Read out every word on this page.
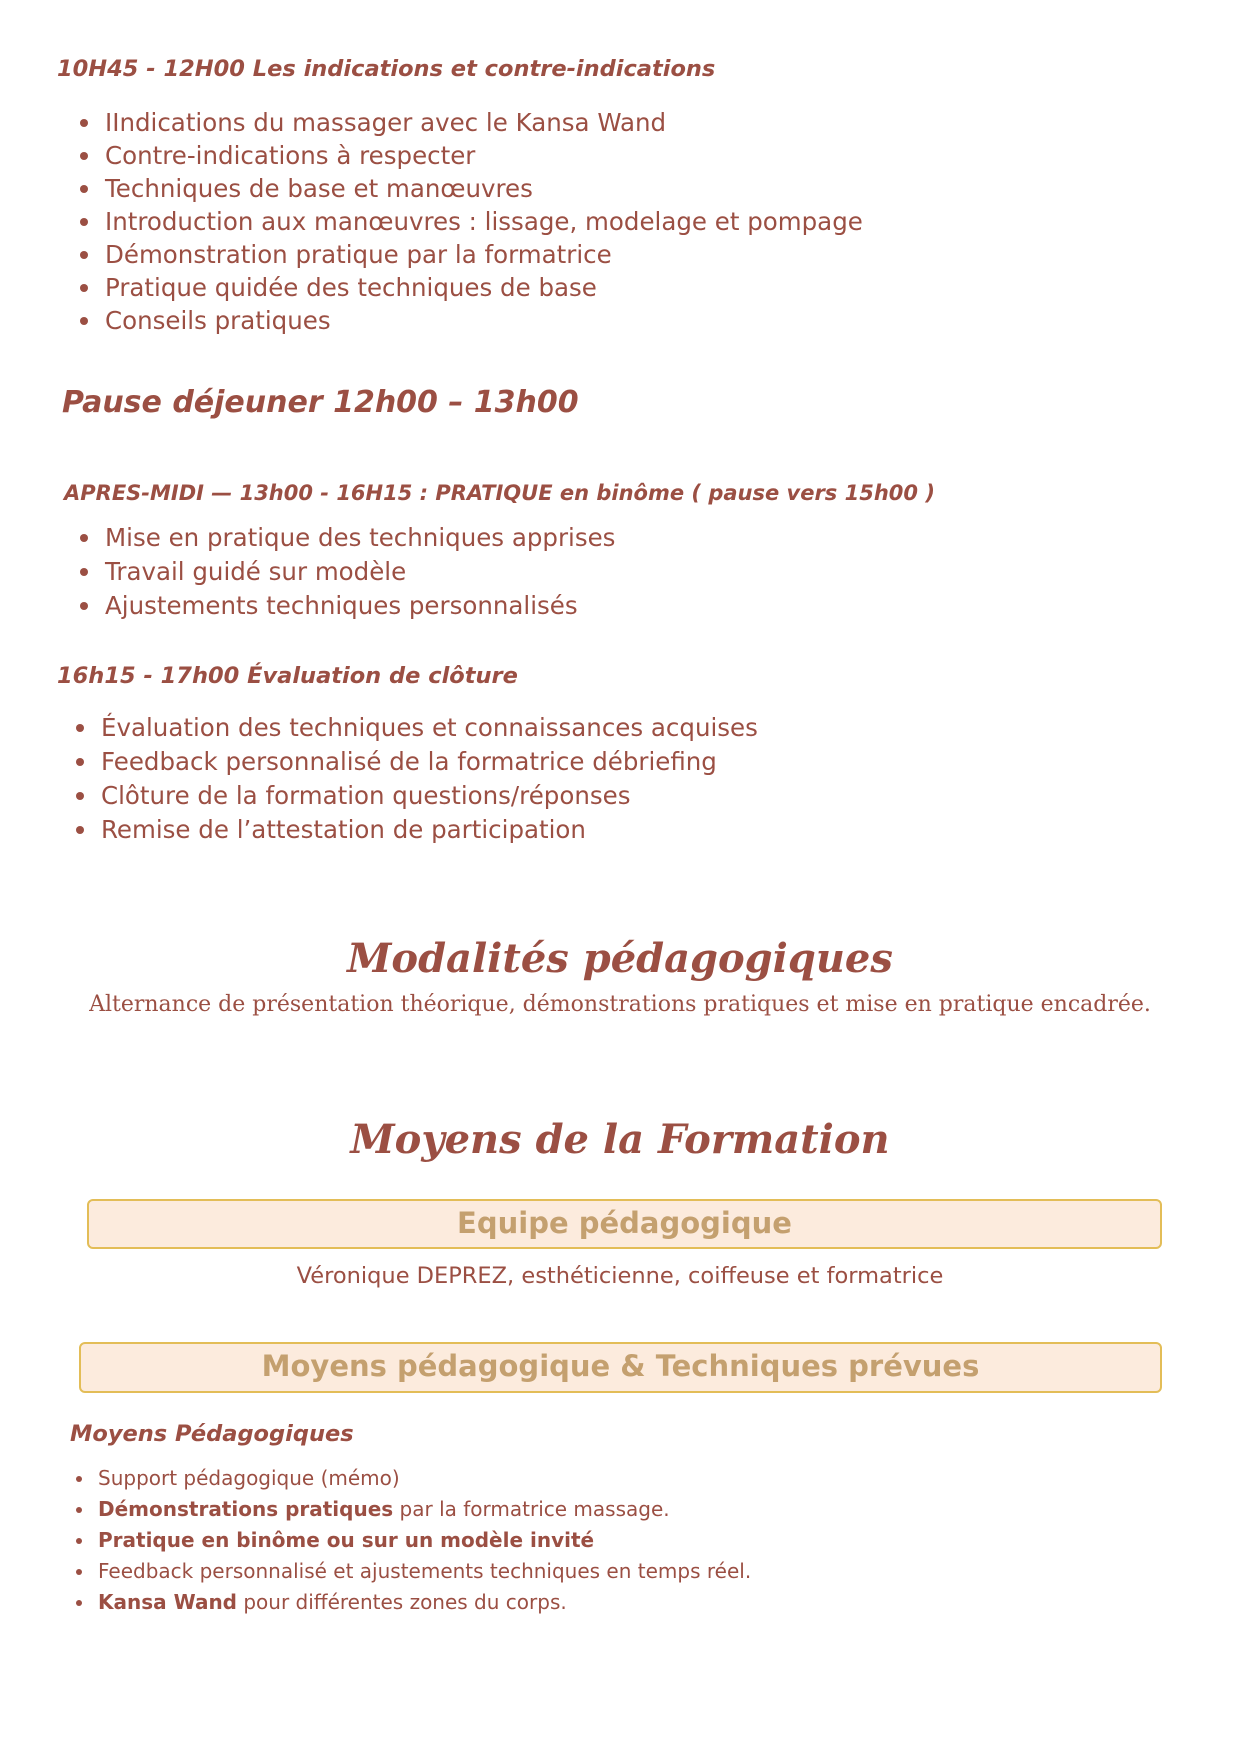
10H45 - 12H00 Les indications et contre-indications
IIndications du massager avec le Kansa Wand
Contre-indications à respecter
Techniques de base et manœuvres
Introduction aux manœuvres : lissage, modelage et pompage
Démonstration pratique par la formatrice
Pratique quidée des techniques de base
Conseils pratiques
Pause déjeuner 12h00 – 13h00
APRES-MIDI — 13h00 - 16H15 : PRATIQUE en binôme ( pause vers 15h00 )
Mise en pratique des techniques apprises
Travail guidé sur modèle
Ajustements techniques personnalisés
16h15 - 17h00 Évaluation de clôture
Évaluation des techniques et connaissances acquises
Feedback personnalisé de la formatrice débriefing
Clôture de la formation questions/réponses
Remise de l’attestation de participation
Modalités pédagogiques

Alternance de présentation théorique, démonstrations pratiques et mise en pratique encadrée.

Moyens de la Formation
Equipe pédagogique

Véronique DEPREZ, esthéticienne, coiffeuse et formatrice

Moyens pédagogique & Techniques prévues
Moyens Pédagogiques
Support pédagogique (mémo)
Démonstrations pratiques par la formatrice massage.
Pratique en binôme ou sur un modèle invité
Feedback personnalisé et ajustements techniques en temps réel.
Kansa Wand pour différentes zones du corps.
